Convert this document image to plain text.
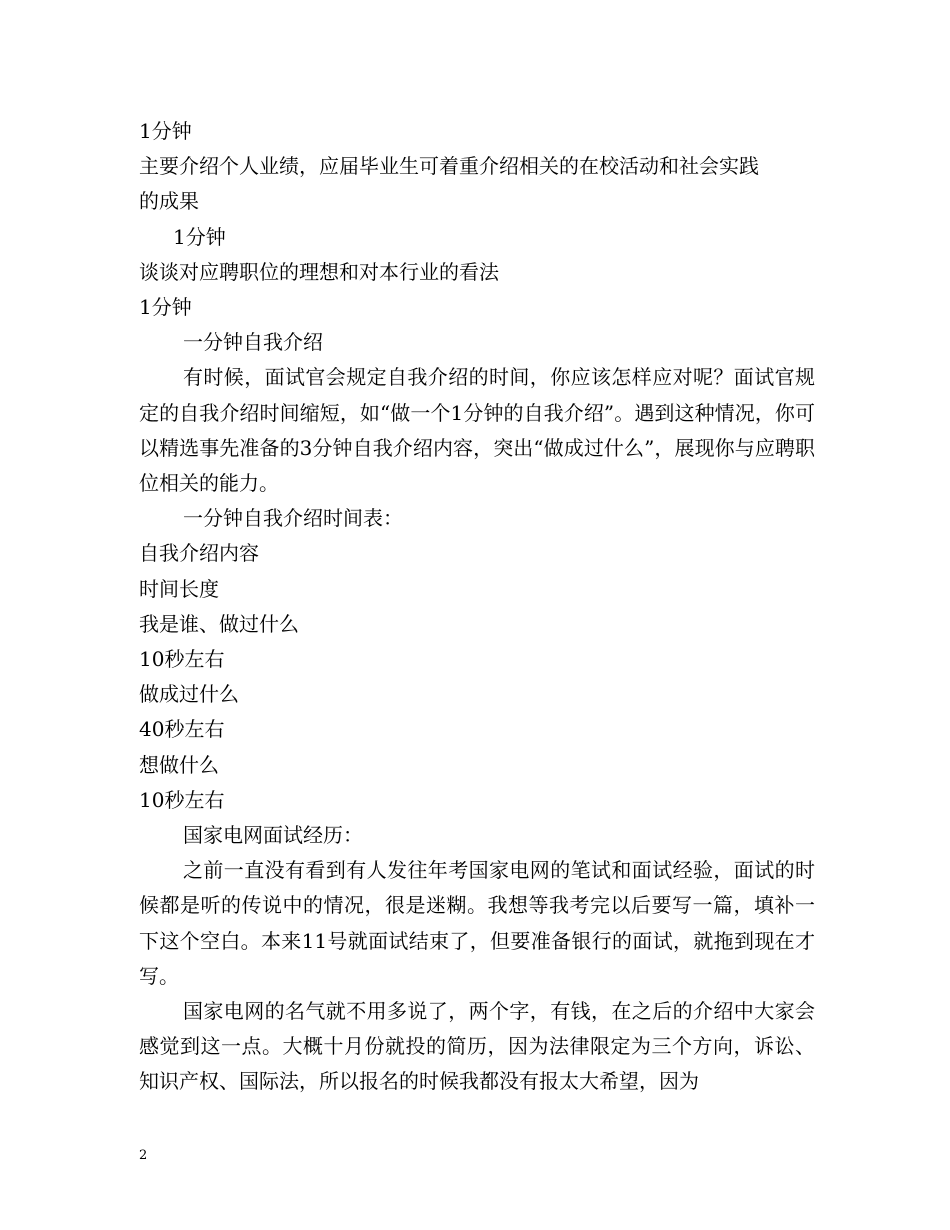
1分钟

主要介绍个人业绩，应届毕业生可着重介绍相关的在校活动和社会实践

的成果

1分钟

谈谈对应聘职位的理想和对本行业的看法

1分钟

一分钟自我介绍

有时候，面试官会规定自我介绍的时间，你应该怎样应对呢？面试官规定的自我介绍时间缩短，如“做一个1分钟的自我介绍”。遇到这种情况，你可以精选事先准备的3分钟自我介绍内容，突出“做成过什么”，展现你与应聘职位相关的能力。

一分钟自我介绍时间表：

自我介绍内容

时间长度

我是谁、做过什么

10秒左右

做成过什么

40秒左右

想做什么

10秒左右

国家电网面试经历：

之前一直没有看到有人发往年考国家电网的笔试和面试经验，面试的时候都是听的传说中的情况，很是迷糊。我想等我考完以后要写一篇，填补一下这个空白。本来11号就面试结束了，但要准备银行的面试，就拖到现在才写。

国家电网的名气就不用多说了，两个字，有钱，在之后的介绍中大家会感觉到这一点。大概十月份就投的简历，因为法律限定为三个方向，诉讼、知识产权、国际法，所以报名的时候我都没有报太大希望，因为

2
